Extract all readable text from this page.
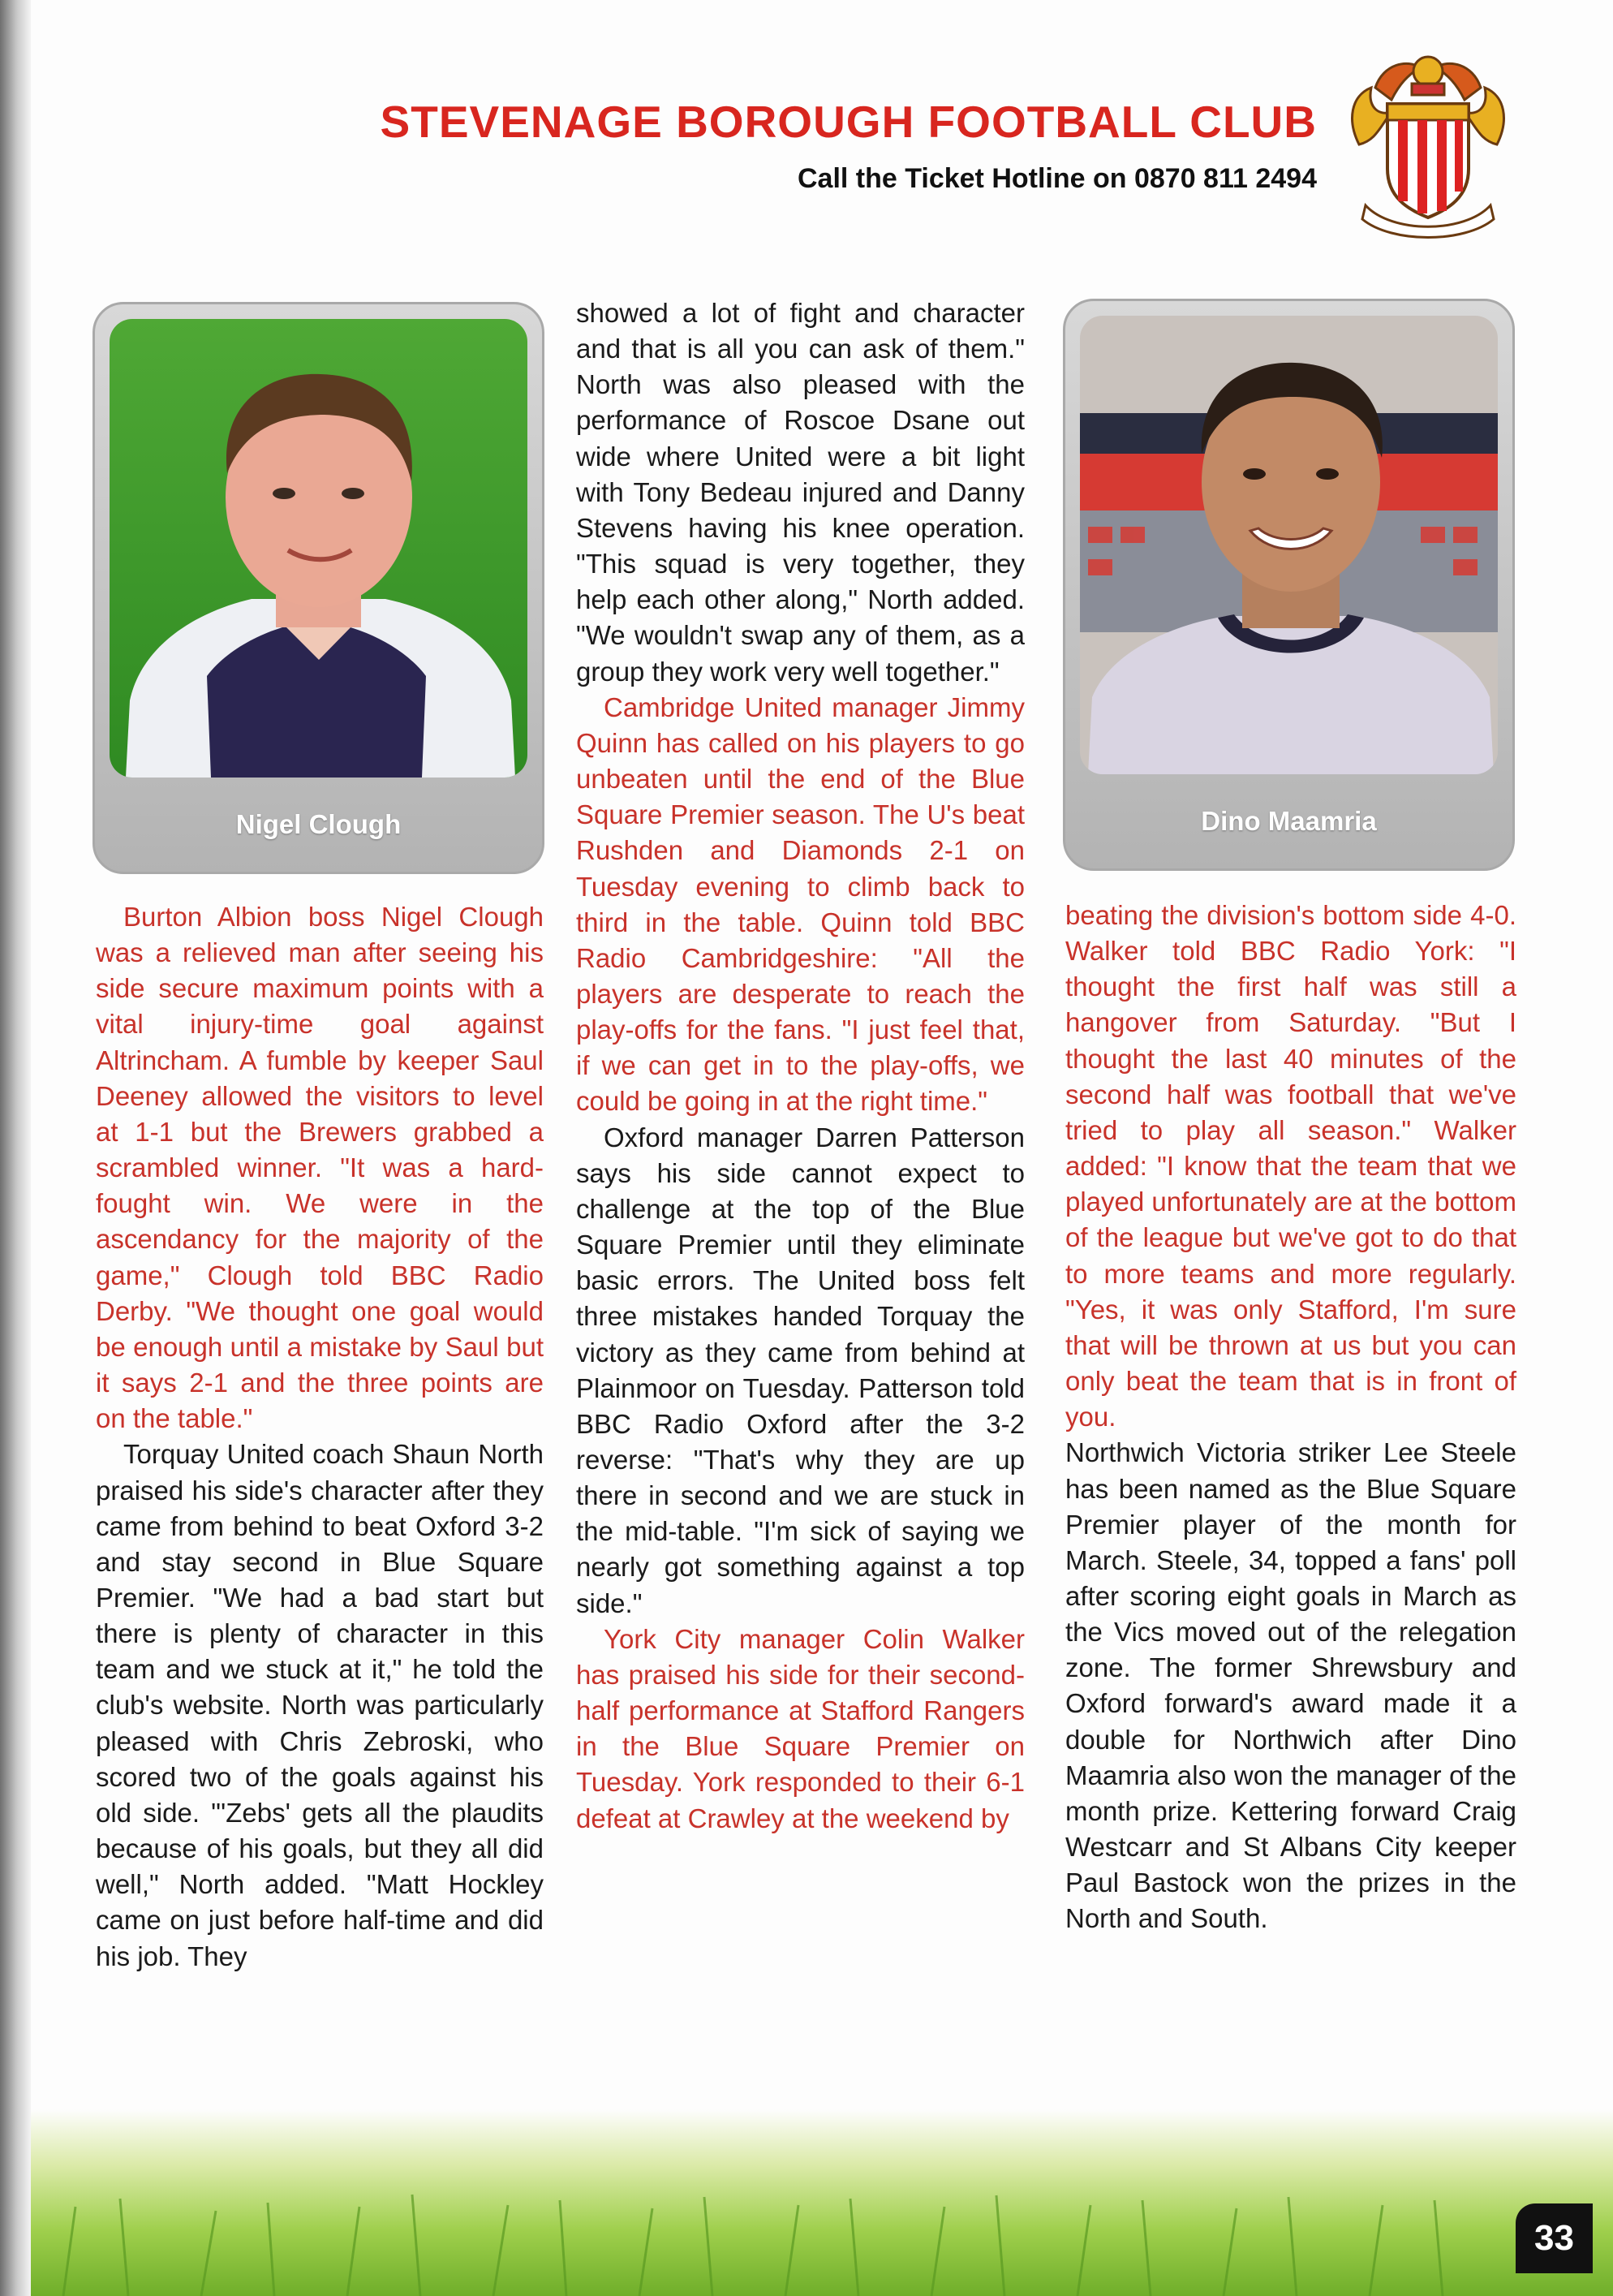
STEVENAGE BOROUGH FOOTBALL CLUB
Call the Ticket Hotline on 0870 811 2494
Nigel Clough	Dino Maamria

Burton Albion boss Nigel Clough was a relieved man after seeing his side secure maximum points with a vital injury-time goal against Altrincham. A fumble by keeper Saul Deeney allowed the visitors to level at 1-1 but the Brewers grabbed a scrambled winner. "It was a hard-fought win. We were in the ascendancy for the majority of the game," Clough told BBC Radio Derby. "We thought one goal would be enough until a mistake by Saul but it says 2-1 and the three points are on the table."

Torquay United coach Shaun North praised his side's character after they came from behind to beat Oxford 3-2 and stay second in Blue Square Premier. "We had a bad start but there is plenty of character in this team and we stuck at it," he told the club's website. North was particularly pleased with Chris Zebroski, who scored two of the goals against his old side. "'Zebs' gets all the plaudits because of his goals, but they all did well," North added. "Matt Hockley came on just before half-time and did his job. They

showed a lot of fight and character and that is all you can ask of them." North was also pleased with the performance of Roscoe Dsane out wide where United were a bit light with Tony Bedeau injured and Danny Stevens having his knee operation. "This squad is very together, they help each other along," North added. "We wouldn't swap any of them, as a group they work very well together."

Cambridge United manager Jimmy Quinn has called on his players to go unbeaten until the end of the Blue Square Premier season. The U's beat Rushden and Diamonds 2-1 on Tuesday evening to climb back to third in the table. Quinn told BBC Radio Cambridgeshire: "All the players are desperate to reach the play-offs for the fans. "I just feel that, if we can get in to the play-offs, we could be going in at the right time."

Oxford manager Darren Patterson says his side cannot expect to challenge at the top of the Blue Square Premier until they eliminate basic errors. The United boss felt three mistakes handed Torquay the victory as they came from behind at Plainmoor on Tuesday. Patterson told BBC Radio Oxford after the 3-2 reverse: "That's why they are up there in second and we are stuck in the mid-table. "I'm sick of saying we nearly got something against a top side."

York City manager Colin Walker has praised his side for their second-half performance at Stafford Rangers in the Blue Square Premier on Tuesday. York responded to their 6-1 defeat at Crawley at the weekend by

beating the division's bottom side 4-0. Walker told BBC Radio York: "I thought the first half was still a hangover from Saturday. "But I thought the last 40 minutes of the second half was football that we've tried to play all season." Walker added: "I know that the team that we played unfortunately are at the bottom of the league but we've got to do that to more teams and more regularly. "Yes, it was only Stafford, I'm sure that will be thrown at us but you can only beat the team that is in front of you.

Northwich Victoria striker Lee Steele has been named as the Blue Square Premier player of the month for March. Steele, 34, topped a fans' poll after scoring eight goals in March as the Vics moved out of the relegation zone. The former Shrewsbury and Oxford forward's award made it a double for Northwich after Dino Maamria also won the manager of the month prize. Kettering forward Craig Westcarr and St Albans City keeper Paul Bastock won the prizes in the North and South.

33
